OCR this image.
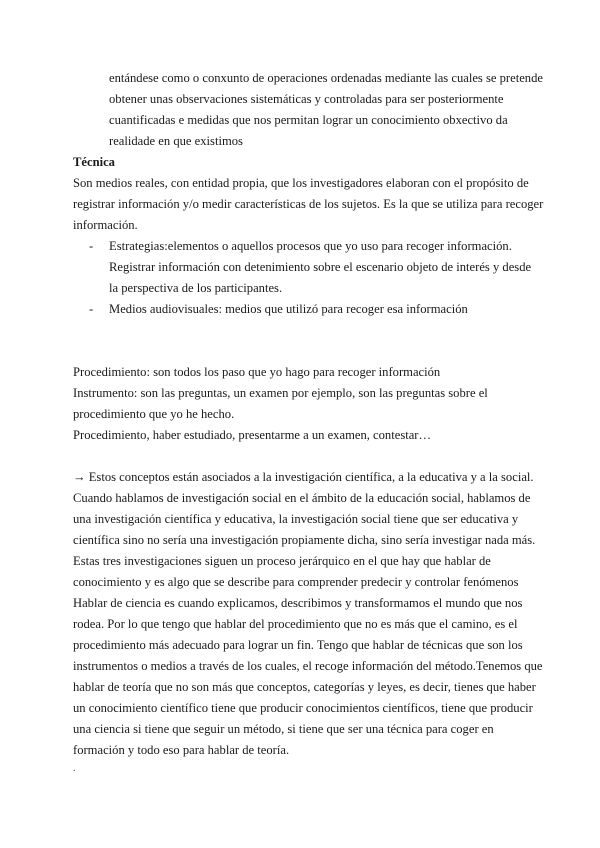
entándese como o conxunto de operaciones ordenadas mediante las cuales se pretende
obtener unas observaciones sistemáticas y controladas para ser posteriormente
cuantificadas e medidas que nos permitan lograr un conocimiento obxectivo da
realidade en que existimos
Técnica
Son medios reales, con entidad propia, que los investigadores elaboran con el propósito de
registrar información y/o medir características de los sujetos. Es la que se utiliza para recoger
información.
- Estrategias:elementos o aquellos procesos que yo uso para recoger información.
Registrar información con detenimiento sobre el escenario objeto de interés y desde
la perspectiva de los participantes.
- Medios audiovisuales: medios que utilizó para recoger esa información
Procedimiento: son todos los paso que yo hago para recoger información
Instrumento: son las preguntas, un examen por ejemplo, son las preguntas sobre el
procedimiento que yo he hecho.
Procedimiento, haber estudiado, presentarme a un examen, contestar…
→ Estos conceptos están asociados a la investigación científica, a la educativa y a la social.
Cuando hablamos de investigación social en el ámbito de la educación social, hablamos de
una investigación científica y educativa, la investigación social tiene que ser educativa y
científica sino no sería una investigación propiamente dicha, sino sería investigar nada más.
Estas tres investigaciones siguen un proceso jerárquico en el que hay que hablar de
conocimiento y es algo que se describe para comprender predecir y controlar fenómenos
Hablar de ciencia es cuando explicamos, describimos y transformamos el mundo que nos
rodea. Por lo que tengo que hablar del procedimiento que no es más que el camino, es el
procedimiento más adecuado para lograr un fin. Tengo que hablar de técnicas que son los
instrumentos o medios a través de los cuales, el recoge información del método.Tenemos que
hablar de teoría que no son más que conceptos, categorías y leyes, es decir, tienes que haber
un conocimiento científico tiene que producir conocimientos científicos, tiene que producir
una ciencia si tiene que seguir un método, si tiene que ser una técnica para coger en
formación y todo eso para hablar de teoría.
.
